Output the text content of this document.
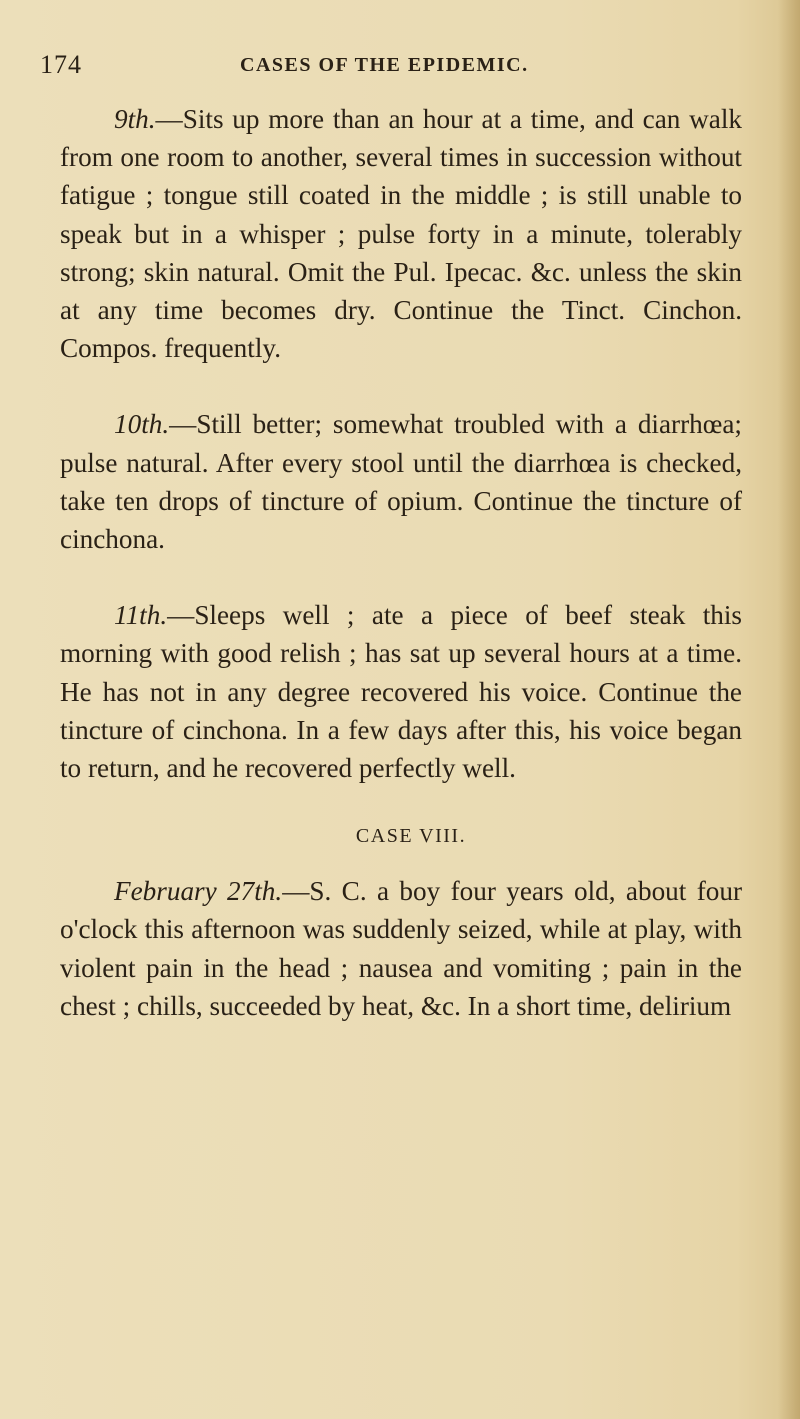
174	CASES OF THE EPIDEMIC.

9th.—Sits up more than an hour at a time, and can walk from one room to another, several times in succession without fatigue ; tongue still coated in the middle ; is still unable to speak but in a whisper ; pulse forty in a minute, tolerably strong; skin natural. Omit the Pul. Ipecac. &c. unless the skin at any time becomes dry. Continue the Tinct. Cinchon. Compos. frequently.

10th.—Still better; somewhat troubled with a diarrhœa; pulse natural. After every stool until the diarrhœa is checked, take ten drops of tincture of opium. Continue the tincture of cinchona.

11th.—Sleeps well ; ate a piece of beef steak this morning with good relish ; has sat up several hours at a time. He has not in any degree recovered his voice. Continue the tincture of cinchona. In a few days after this, his voice began to return, and he recovered perfectly well.

CASE VIII.

February 27th.—S. C. a boy four years old, about four o'clock this afternoon was suddenly seized, while at play, with violent pain in the head ; nausea and vomiting ; pain in the chest ; chills, succeeded by heat, &c. In a short time, delirium
